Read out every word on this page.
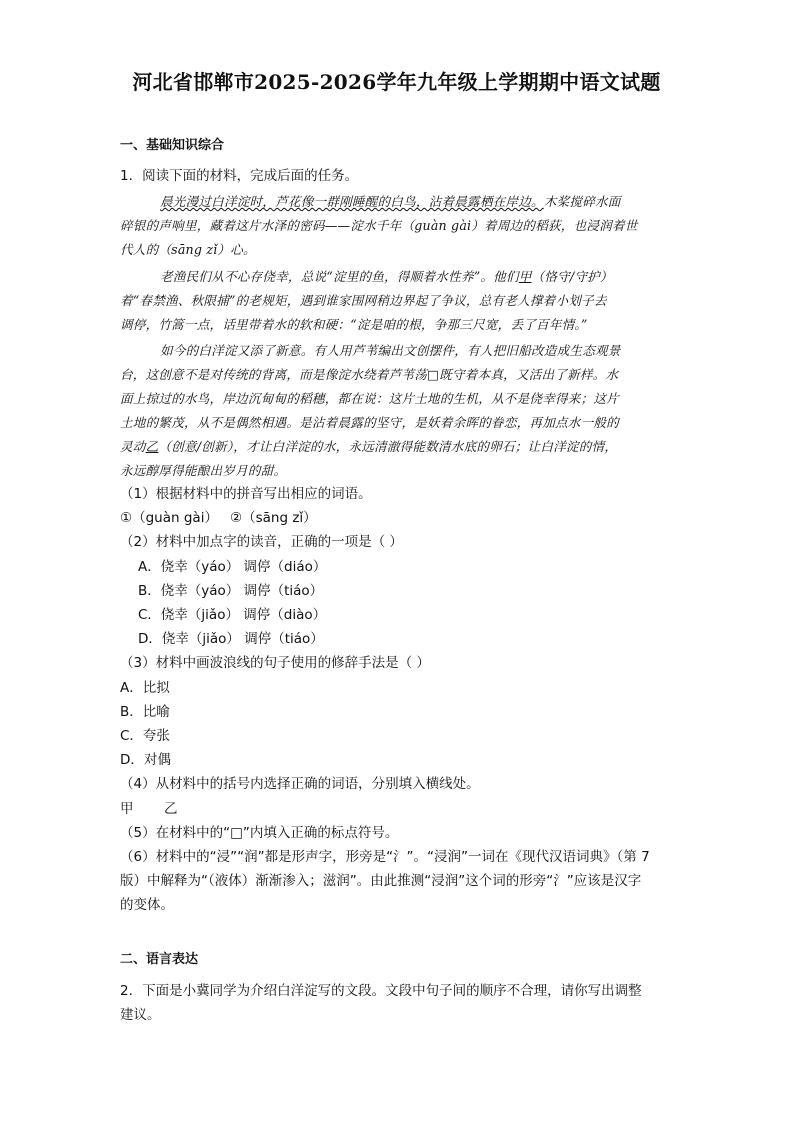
河北省邯郸市2025-2026学年九年级上学期期中语文试题
一、基础知识综合
1．阅读下面的材料，完成后面的任务。
晨光漫过白洋淀时，芦花像一群刚睡醒的白鸟，沾着晨露栖在岸边。木桨搅碎水面
碎银的声响里，藏着这片水泽的密码——淀水千年（guàn gài）着周边的稻荻，也浸润着世
代人的（sāng zǐ）心。
老渔民们从不心存侥幸，总说“淀里的鱼，得顺着水性养”。他们甲（恪守/守护）
着“春禁渔、秋限捕”的老规矩，遇到谁家围网稍边界起了争议，总有老人撑着小划子去
调停，竹篙一点，话里带着水的软和硬：“淀是咱的根，争那三尺宽，丢了百年情。”
如今的白洋淀又添了新意。有人用芦苇编出文创摆件，有人把旧船改造成生态观景
台，这创意不是对传统的背离，而是像淀水绕着芦苇荡□既守着本真，又活出了新样。水
面上掠过的水鸟，岸边沉甸甸的稻穗，都在说：这片土地的生机，从不是侥幸得来；这片
土地的繁茂，从不是偶然相遇。是沾着晨露的坚守，是妖着余晖的眷恋，再加点水一般的
灵动乙（创意/创新），才让白洋淀的水，永远清澈得能数清水底的卵石；让白洋淀的情，
永远醇厚得能酿出岁月的甜。
（1）根据材料中的拼音写出相应的词语。
①（guàn gài） ②（sāng zǐ）
（2）材料中加点字的读音，正确的一项是（ ）
A．侥幸（yáo） 调停（diáo）
B．侥幸（yáo） 调停（tiáo）
C．侥幸（jiǎo） 调停（diào）
D．侥幸（jiǎo） 调停（tiáo）
（3）材料中画波浪线的句子使用的修辞手法是（ ）
A．比拟
B．比喻
C．夸张
D．对偶
（4）从材料中的括号内选择正确的词语，分别填入横线处。
甲 乙
（5）在材料中的“□”内填入正确的标点符号。
（6）材料中的“浸”“润”都是形声字，形旁是“氵”。“浸润”一词在《现代汉语词典》（第 7
版）中解释为“（液体）渐渐渗入；滋润”。由此推测“浸润”这个词的形旁“氵”应该是汉字
的变体。
二、语言表达
2．下面是小冀同学为介绍白洋淀写的文段。文段中句子间的顺序不合理，请你写出调整
建议。
